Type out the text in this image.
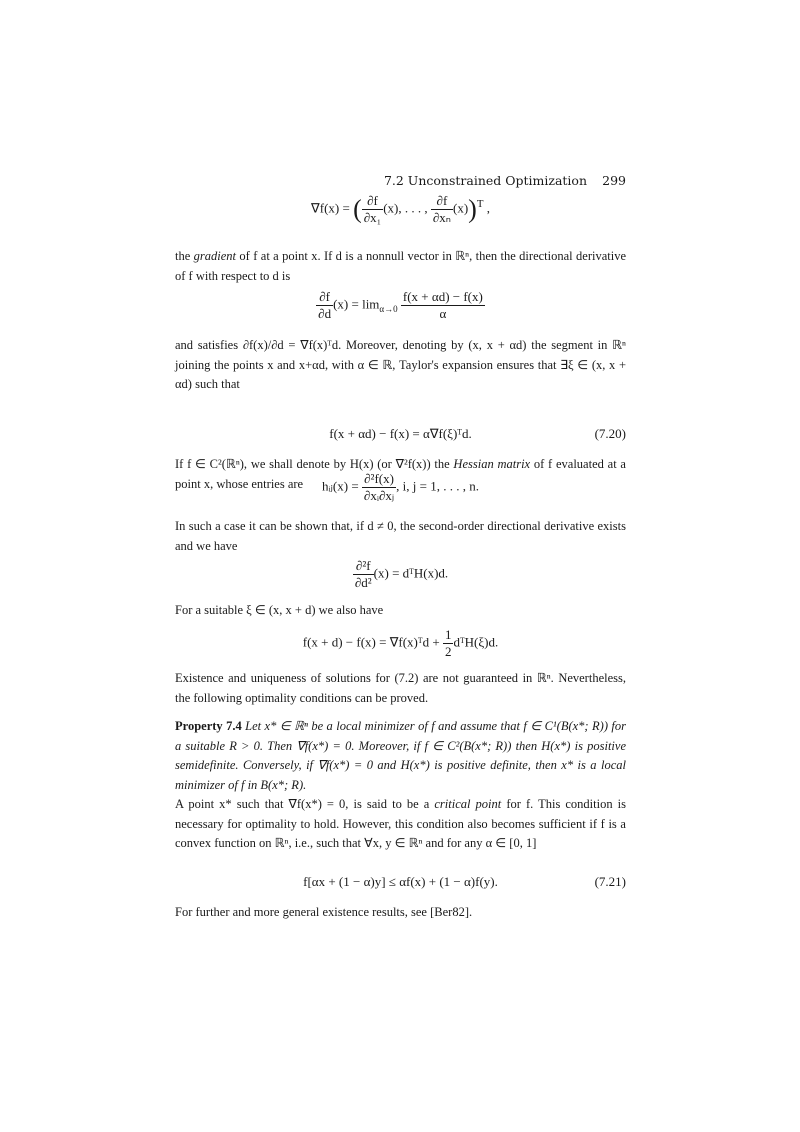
7.2 Unconstrained Optimization 299
∇f(x) = ( $\frac{\partial f}{\text{∂x₁}} (x)$, . . . , $\frac{\partial f}{\text{∂xₙ}} (x))^T$ ,
the gradient of f at a point x. If d is a nonnull vector in ℝⁿ, then the directional derivative of f with respect to d is
$\frac{\partial f}{\partial d} (x) = \lim_{\alpha\to 0} \frac{f(x + \alpha d) - f(x)}{\alpha}$
and satisfies ∂f(x)/∂d = ∇f(x)ᵀd. Moreover, denoting by (x, x + αd) the segment in ℝⁿ joining the points x and x+αd, with α ∈ ℝ, Taylor's expansion ensures that ∃ξ ∈ (x, x + αd) such that
f(x + αd) − f(x) = α∇f(ξ)ᵀd.	(7.20)
If f ∈ C²(ℝⁿ), we shall denote by H(x) (or ∇²f(x)) the Hessian matrix of f evaluated at a point x, whose entries are	hᵢⱼ(x) = $\frac{\text{∂²f(x)}}{\text{∂xᵢ∂xⱼ}}$ , i, j = 1, . . . , n.
In such a case it can be shown that, if d ≠ 0, the second-order directional derivative exists and we have
$\frac{\text{∂²f}}{\text{∂d²}} (x)$ = dᵀH(x)d.
For a suitable ξ ∈ (x, x + d) we also have
f(x + d) − f(x) = ∇f(x)ᵀd + $\frac{1}{2}$ dᵀH(ξ)d.
Existence and uniqueness of solutions for (7.2) are not guaranteed in ℝⁿ. Nevertheless, the following optimality conditions can be proved.
Property 7.4 Let x* ∈ ℝⁿ be a local minimizer of f and assume that f ∈ C¹(B(x*; R)) for a suitable R > 0. Then ∇f(x*) = 0. Moreover, if f ∈ C²(B(x*; R)) then H(x*) is positive semidefinite. Conversely, if ∇f(x*) = 0 and H(x*) is positive definite, then x* is a local minimizer of f in B(x*; R).
A point x* such that ∇f(x*) = 0, is said to be a critical point for f. This condition is necessary for optimality to hold. However, this condition also becomes sufficient if f is a convex function on ℝⁿ, i.e., such that ∀x, y ∈ ℝⁿ and for any α ∈ [0, 1]
f[αx + (1 − α)y] ≤ αf(x) + (1 − α)f(y).	(7.21)
For further and more general existence results, see [Ber82].
